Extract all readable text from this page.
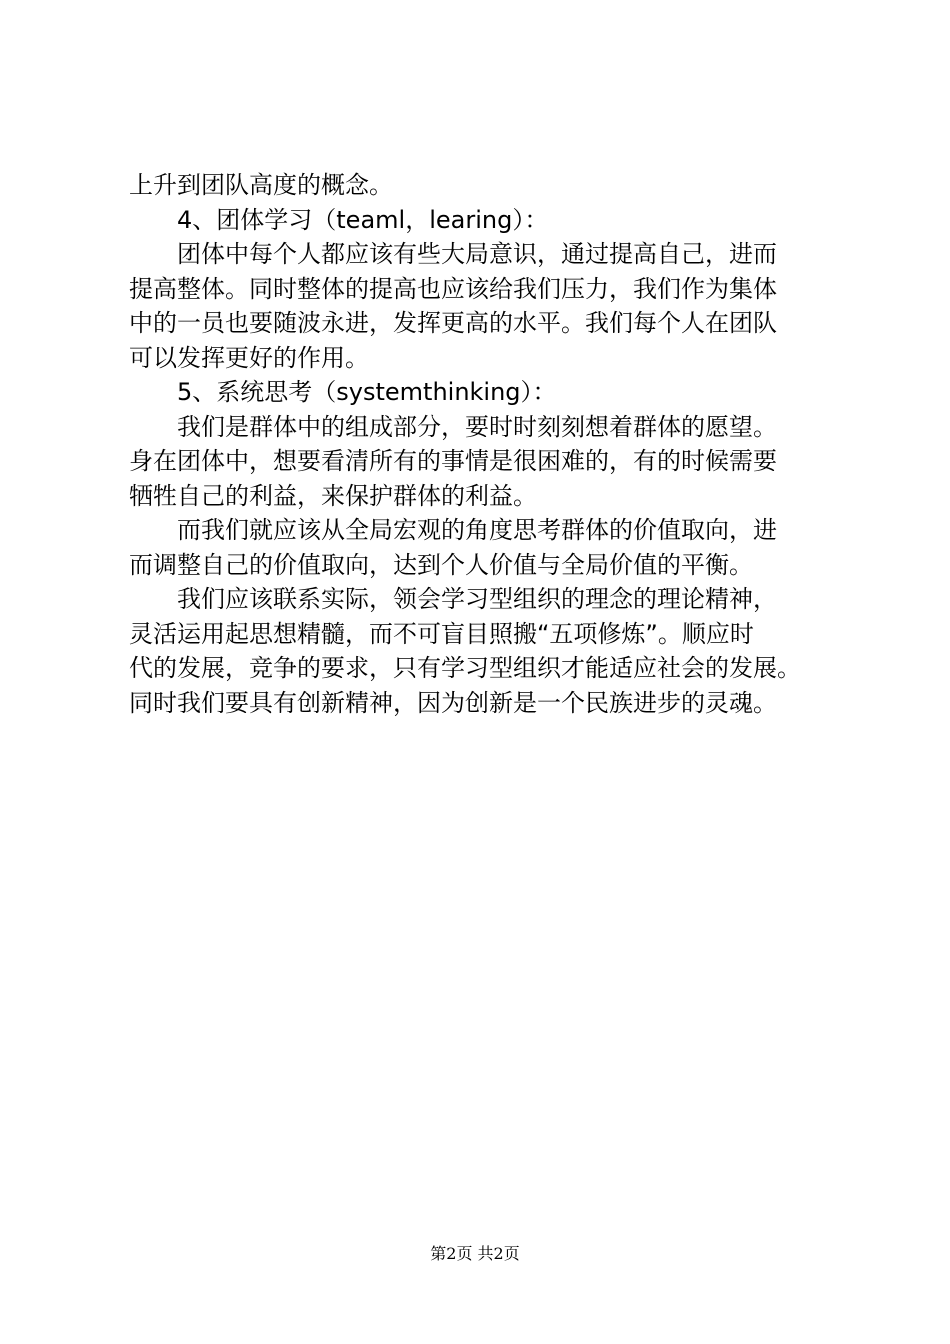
上升到团队高度的概念。
4、团体学习（teaml，learing）：
团体中每个人都应该有些大局意识，通过提高自己，进而
提高整体。同时整体的提高也应该给我们压力，我们作为集体
中的一员也要随波永进，发挥更高的水平。我们每个人在团队
可以发挥更好的作用。
5、系统思考（systemthinking）：
我们是群体中的组成部分，要时时刻刻想着群体的愿望。
身在团体中，想要看清所有的事情是很困难的，有的时候需要
牺牲自己的利益，来保护群体的利益。
而我们就应该从全局宏观的角度思考群体的价值取向，进
而调整自己的价值取向，达到个人价值与全局价值的平衡。
我们应该联系实际，领会学习型组织的理念的理论精神，
灵活运用起思想精髓，而不可盲目照搬“五项修炼”。顺应时
代的发展，竞争的要求，只有学习型组织才能适应社会的发展。
同时我们要具有创新精神，因为创新是一个民族进步的灵魂。
第2页 共2页
